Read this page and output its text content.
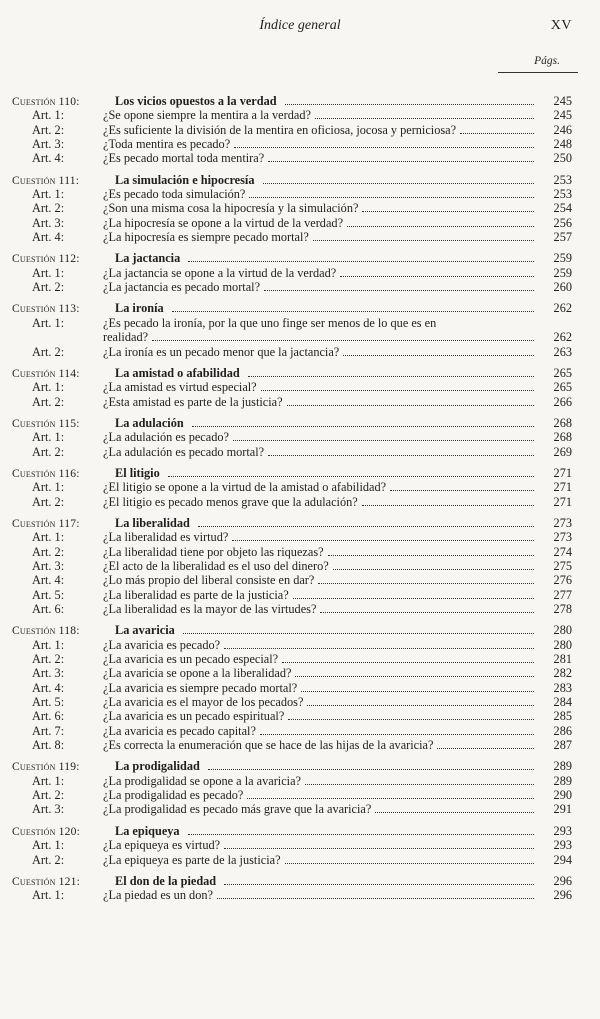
Índice general	XV
Págs.
Cuestión 110:	Los vicios opuestos a la verdad	245
Art. 1:	¿Se opone siempre la mentira a la verdad?	245
Art. 2:	¿Es suficiente la división de la mentira en oficiosa, jocosa y perniciosa?	246
Art. 3:	¿Toda mentira es pecado?	248
Art. 4:	¿Es pecado mortal toda mentira?	250
Cuestión 111:	La simulación e hipocresía	253
Art. 1:	¿Es pecado toda simulación?	253
Art. 2:	¿Son una misma cosa la hipocresía y la simulación?	254
Art. 3:	¿La hipocresía se opone a la virtud de la verdad?	256
Art. 4:	¿La hipocresía es siempre pecado mortal?	257
Cuestión 112:	La jactancia	259
Art. 1:	¿La jactancia se opone a la virtud de la verdad?	259
Art. 2:	¿La jactancia es pecado mortal?	260
Cuestión 113:	La ironía	262
Art. 1:	¿Es pecado la ironía, por la que uno finge ser menos de lo que es en
realidad?	262
Art. 2:	¿La ironía es un pecado menor que la jactancia?	263
Cuestión 114:	La amistad o afabilidad	265
Art. 1:	¿La amistad es virtud especial?	265
Art. 2:	¿Esta amistad es parte de la justicia?	266
Cuestión 115:	La adulación	268
Art. 1:	¿La adulación es pecado?	268
Art. 2:	¿La adulación es pecado mortal?	269
Cuestión 116:	El litigio	271
Art. 1:	¿El litigio se opone a la virtud de la amistad o afabilidad?	271
Art. 2:	¿El litigio es pecado menos grave que la adulación?	271
Cuestión 117:	La liberalidad	273
Art. 1:	¿La liberalidad es virtud?	273
Art. 2:	¿La liberalidad tiene por objeto las riquezas?	274
Art. 3:	¿El acto de la liberalidad es el uso del dinero?	275
Art. 4:	¿Lo más propio del liberal consiste en dar?	276
Art. 5:	¿La liberalidad es parte de la justicia?	277
Art. 6:	¿La liberalidad es la mayor de las virtudes?	278
Cuestión 118:	La avaricia	280
Art. 1:	¿La avaricia es pecado?	280
Art. 2:	¿La avaricia es un pecado especial?	281
Art. 3:	¿La avaricia se opone a la liberalidad?	282
Art. 4:	¿La avaricia es siempre pecado mortal?	283
Art. 5:	¿La avaricia es el mayor de los pecados?	284
Art. 6:	¿La avaricia es un pecado espiritual?	285
Art. 7:	¿La avaricia es pecado capital?	286
Art. 8:	¿Es correcta la enumeración que se hace de las hijas de la avaricia?	287
Cuestión 119:	La prodigalidad	289
Art. 1:	¿La prodigalidad se opone a la avaricia?	289
Art. 2:	¿La prodigalidad es pecado?	290
Art. 3:	¿La prodigalidad es pecado más grave que la avaricia?	291
Cuestión 120:	La epiqueya	293
Art. 1:	¿La epiqueya es virtud?	293
Art. 2:	¿La epiqueya es parte de la justicia?	294
Cuestión 121:	El don de la piedad	296
Art. 1:	¿La piedad es un don?	296
